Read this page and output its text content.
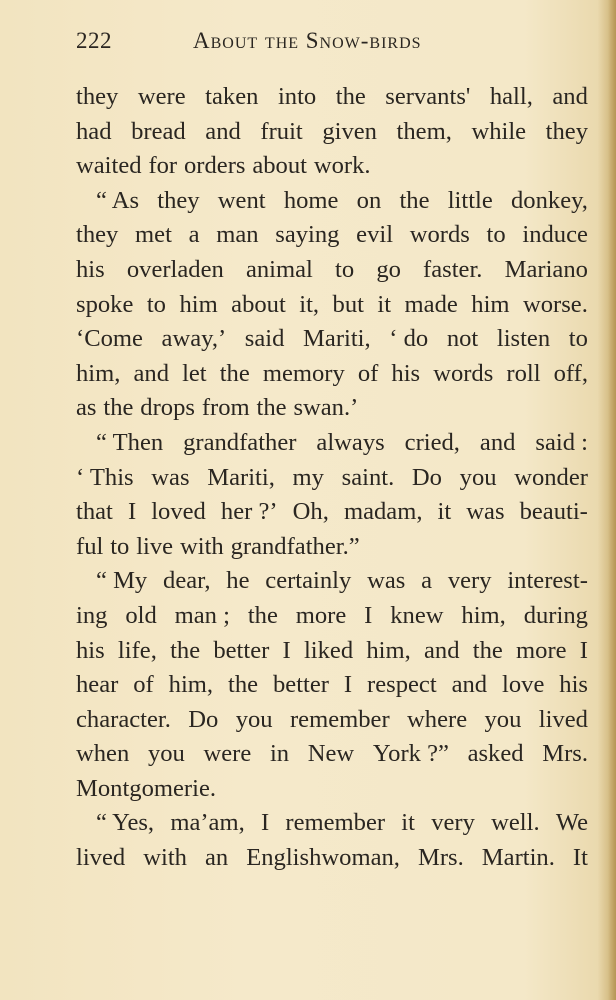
222	About the Snow-birds
they were taken into the servants' hall, and
had bread and fruit given them, while they
waited for orders about work.
“ As they went home on the little donkey,
they met a man saying evil words to induce
his overladen animal to go faster. Mariano
spoke to him about it, but it made him worse.
‘Come away,’ said Mariti, ‘ do not listen to
him, and let the memory of his words roll off,
as the drops from the swan.’
“ Then grandfather always cried, and said :
‘ This was Mariti, my saint. Do you wonder
that I loved her ?’ Oh, madam, it was beauti-
ful to live with grandfather.”
“ My dear, he certainly was a very interest-
ing old man ; the more I knew him, during
his life, the better I liked him, and the more I
hear of him, the better I respect and love his
character. Do you remember where you lived
when you were in New York ?” asked Mrs.
Montgomerie.
“ Yes, ma’am, I remember it very well. We
lived with an Englishwoman, Mrs. Martin. It
